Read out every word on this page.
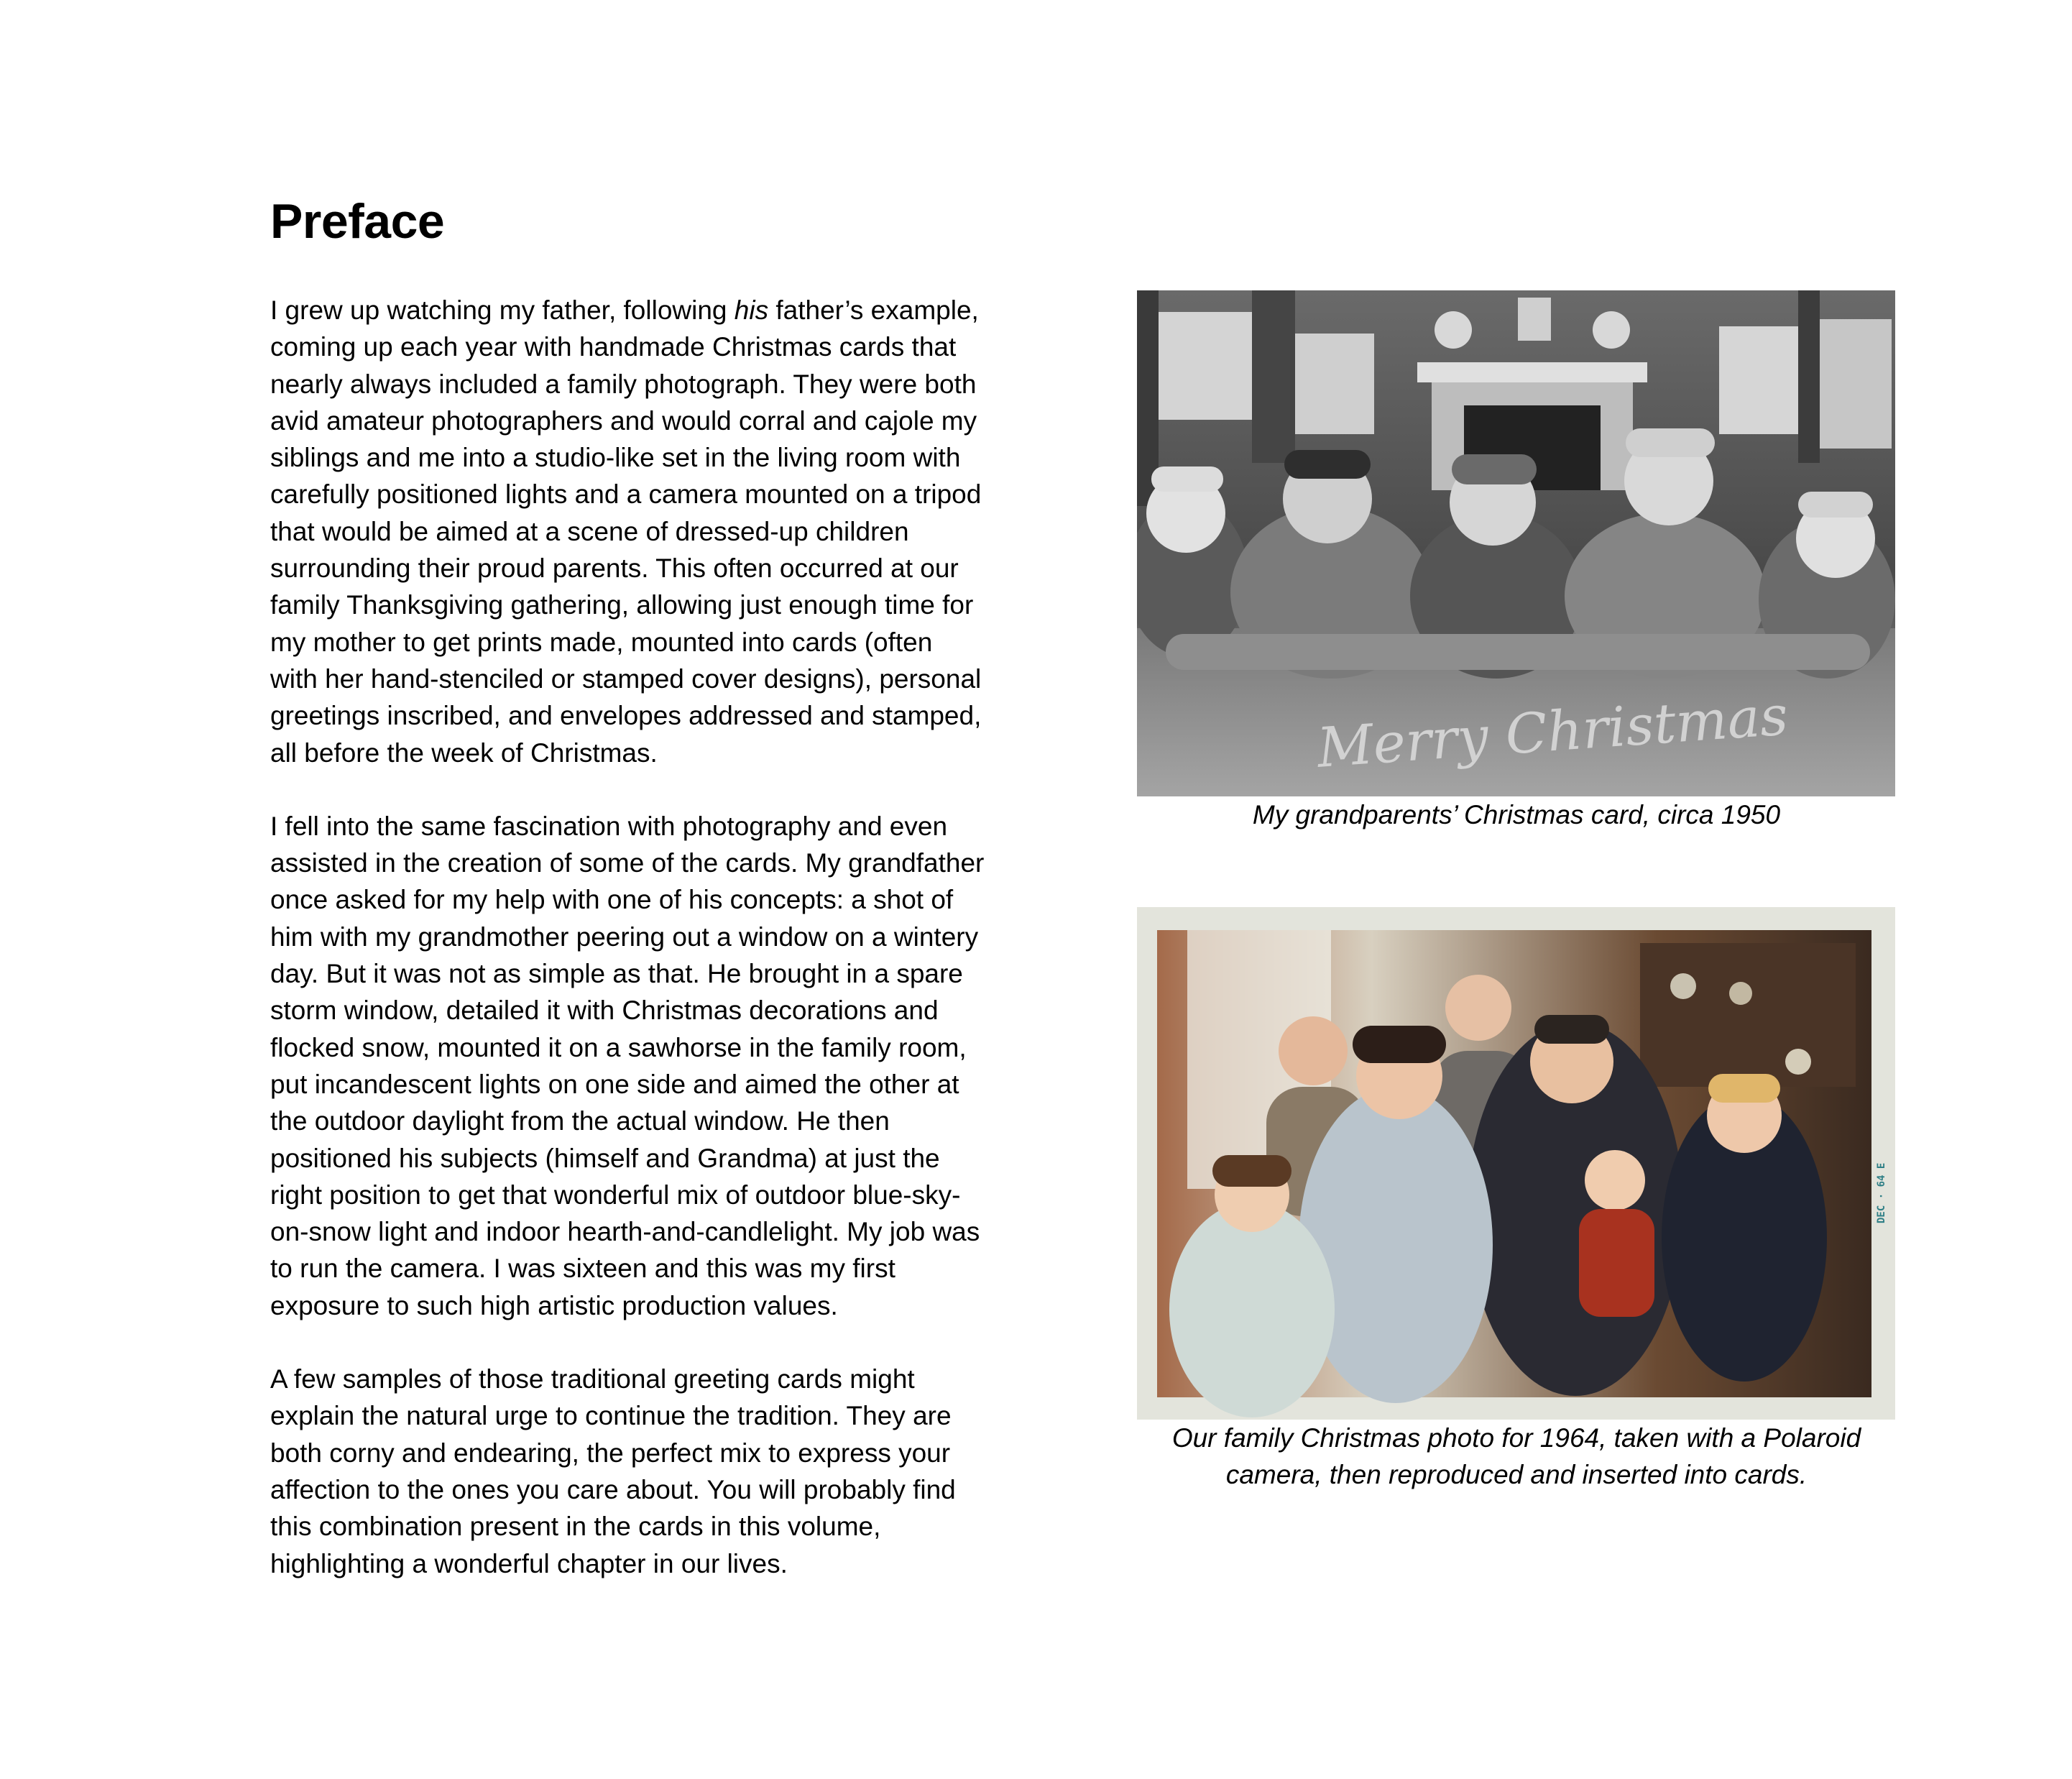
Preface

I grew up watching my father, following his father’s example,
coming up each year with handmade Christmas cards that
nearly always included a family photograph. They were both
avid amateur photographers and would corral and cajole my
siblings and me into a studio-like set in the living room with
carefully positioned lights and a camera mounted on a tripod
that would be aimed at a scene of dressed-up children
surrounding their proud parents. This often occurred at our
family Thanksgiving gathering, allowing just enough time for
my mother to get prints made, mounted into cards (often
with her hand-stenciled or stamped cover designs), personal
greetings inscribed, and envelopes addressed and stamped,
all before the week of Christmas.

I fell into the same fascination with photography and even
assisted in the creation of some of the cards. My grandfather
once asked for my help with one of his concepts: a shot of
him with my grandmother peering out a window on a wintery
day. But it was not as simple as that. He brought in a spare
storm window, detailed it with Christmas decorations and
flocked snow, mounted it on a sawhorse in the family room,
put incandescent lights on one side and aimed the other at
the outdoor daylight from the actual window. He then
positioned his subjects (himself and Grandma) at just the
right position to get that wonderful mix of outdoor blue-sky-
on-snow light and indoor hearth-and-candlelight. My job was
to run the camera. I was sixteen and this was my first
exposure to such high artistic production values.

A few samples of those traditional greeting cards might
explain the natural urge to continue the tradition. They are
both corny and endearing, the perfect mix to express your
affection to the ones you care about. You will probably find
this combination present in the cards in this volume,
highlighting a wonderful chapter in our lives.

Merry Christmas
My grandparents’ Christmas card, circa 1950
DEC · 64 E
Our family Christmas photo for 1964, taken with a Polaroid
camera, then reproduced and inserted into cards.
